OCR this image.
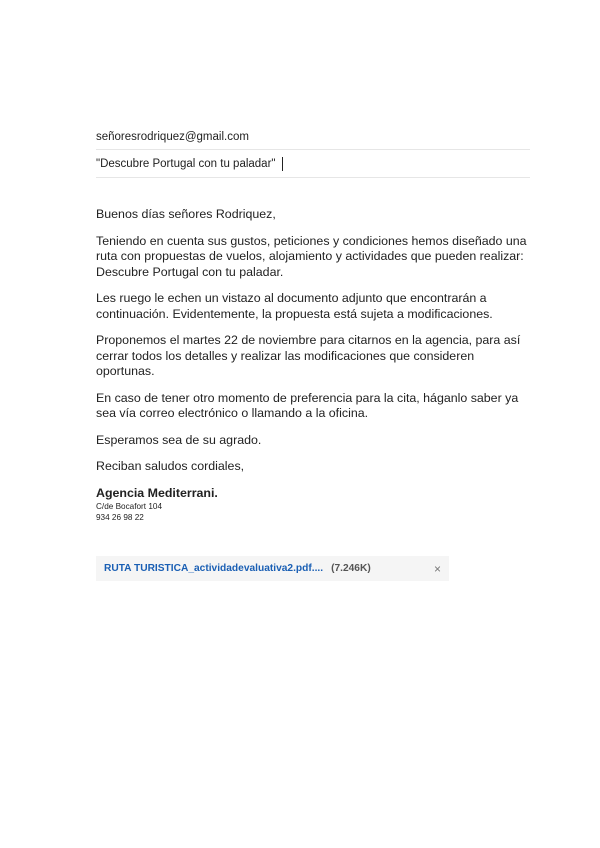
señoresrodriquez@gmail.com
"Descubre Portugal con tu paladar"

Buenos días señores Rodriquez,

Teniendo en cuenta sus gustos, peticiones y condiciones hemos diseñado una ruta con propuestas de vuelos, alojamiento y actividades que pueden realizar: Descubre Portugal con tu paladar.

Les ruego le echen un vistazo al documento adjunto que encontrarán a continuación. Evidentemente, la propuesta está sujeta a modificaciones.

Proponemos el martes 22 de noviembre para citarnos en la agencia, para así cerrar todos los detalles y realizar las modificaciones que consideren oportunas.

En caso de tener otro momento de preferencia para la cita, háganlo saber ya sea vía correo electrónico o llamando a la oficina.

Esperamos sea de su agrado.

Reciban saludos cordiales,

Agencia Mediterrani.
C/de Bocafort 104
934 26 98 22
RUTA TURISTICA_actividadevaluativa2.pdf.... (7.246K)	×
